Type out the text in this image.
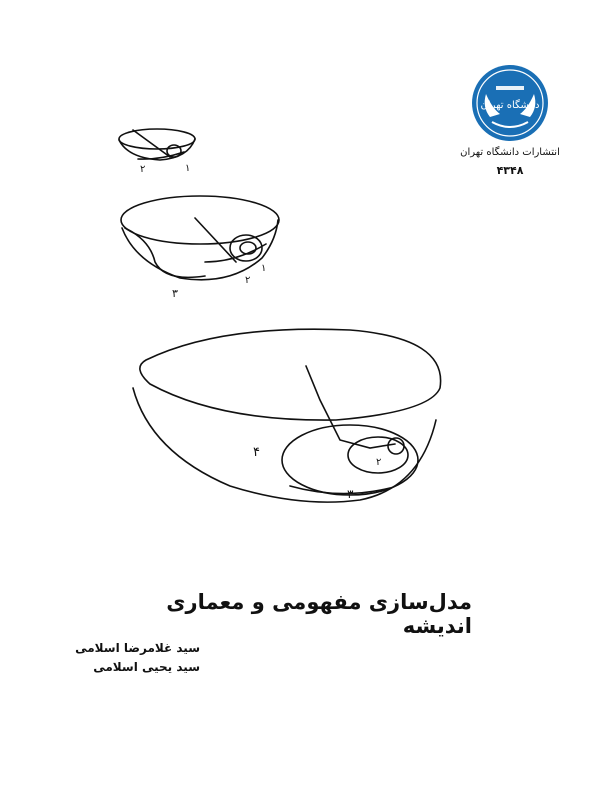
دانشگاه تهران
انتشارات دانشگاه تهران
۴۳۴۸
۱
۲
۱
۲
۳
۲
۳
۴
مدل‌سازی مفهومی و معماری اندیشه
سید غلامرضا اسلامی
سید یحیی اسلامی
